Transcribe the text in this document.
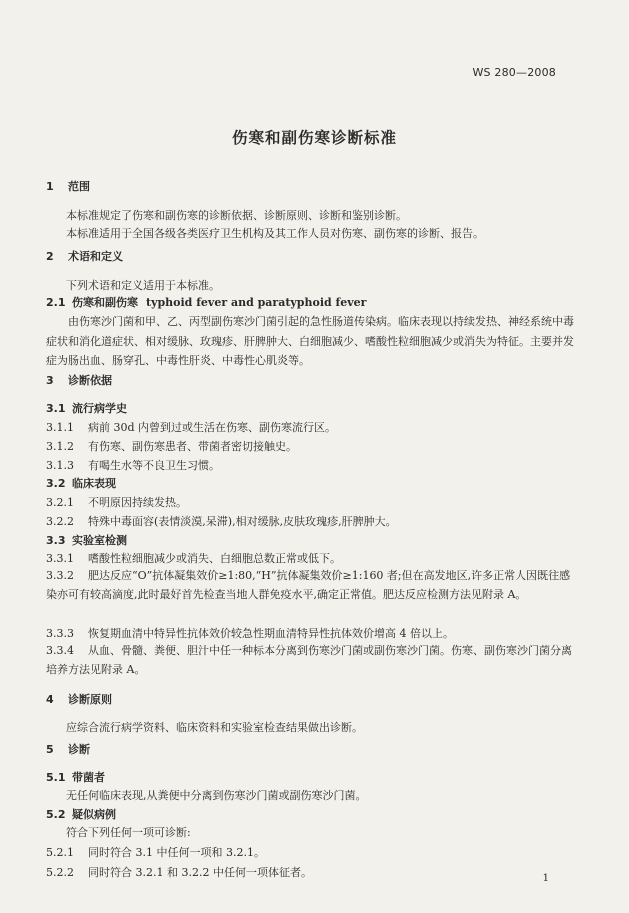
WS 280—2008
伤寒和副伤寒诊断标准
1 范围
本标准规定了伤寒和副伤寒的诊断依据、诊断原则、诊断和鉴别诊断。
本标准适用于全国各级各类医疗卫生机构及其工作人员对伤寒、副伤寒的诊断、报告。
2 术语和定义
下列术语和定义适用于本标准。
2.1 伤寒和副伤寒 typhoid fever and paratyphoid fever
由伤寒沙门菌和甲、乙、丙型副伤寒沙门菌引起的急性肠道传染病。临床表现以持续发热、神经系统中毒症状和消化道症状、相对缓脉、玫瑰疹、肝脾肿大、白细胞减少、嗜酸性粒细胞减少或消失为特征。主要并发症为肠出血、肠穿孔、中毒性肝炎、中毒性心肌炎等。
3 诊断依据
3.1 流行病学史
3.1.1 病前 30d 内曾到过或生活在伤寒、副伤寒流行区。
3.1.2 有伤寒、副伤寒患者、带菌者密切接触史。
3.1.3 有喝生水等不良卫生习惯。
3.2 临床表现
3.2.1 不明原因持续发热。
3.2.2 特殊中毒面容(表情淡漠,呆滞),相对缓脉,皮肤玫瑰疹,肝脾肿大。
3.3 实验室检测
3.3.1 嗜酸性粒细胞减少或消失、白细胞总数正常或低下。
3.3.2 肥达反应“O”抗体凝集效价≥1:80,“H”抗体凝集效价≥1:160 者;但在高发地区,许多正常人因既往感染亦可有较高滴度,此时最好首先检查当地人群免疫水平,确定正常值。肥达反应检测方法见附录 A。
3.3.3 恢复期血清中特异性抗体效价较急性期血清特异性抗体效价增高 4 倍以上。
3.3.4 从血、骨髓、粪便、胆汁中任一种标本分离到伤寒沙门菌或副伤寒沙门菌。伤寒、副伤寒沙门菌分离培养方法见附录 A。
4 诊断原则
应综合流行病学资料、临床资料和实验室检查结果做出诊断。
5 诊断
5.1 带菌者
无任何临床表现,从粪便中分离到伤寒沙门菌或副伤寒沙门菌。
5.2 疑似病例
符合下列任何一项可诊断:
5.2.1 同时符合 3.1 中任何一项和 3.2.1。
5.2.2 同时符合 3.2.1 和 3.2.2 中任何一项体征者。	1
